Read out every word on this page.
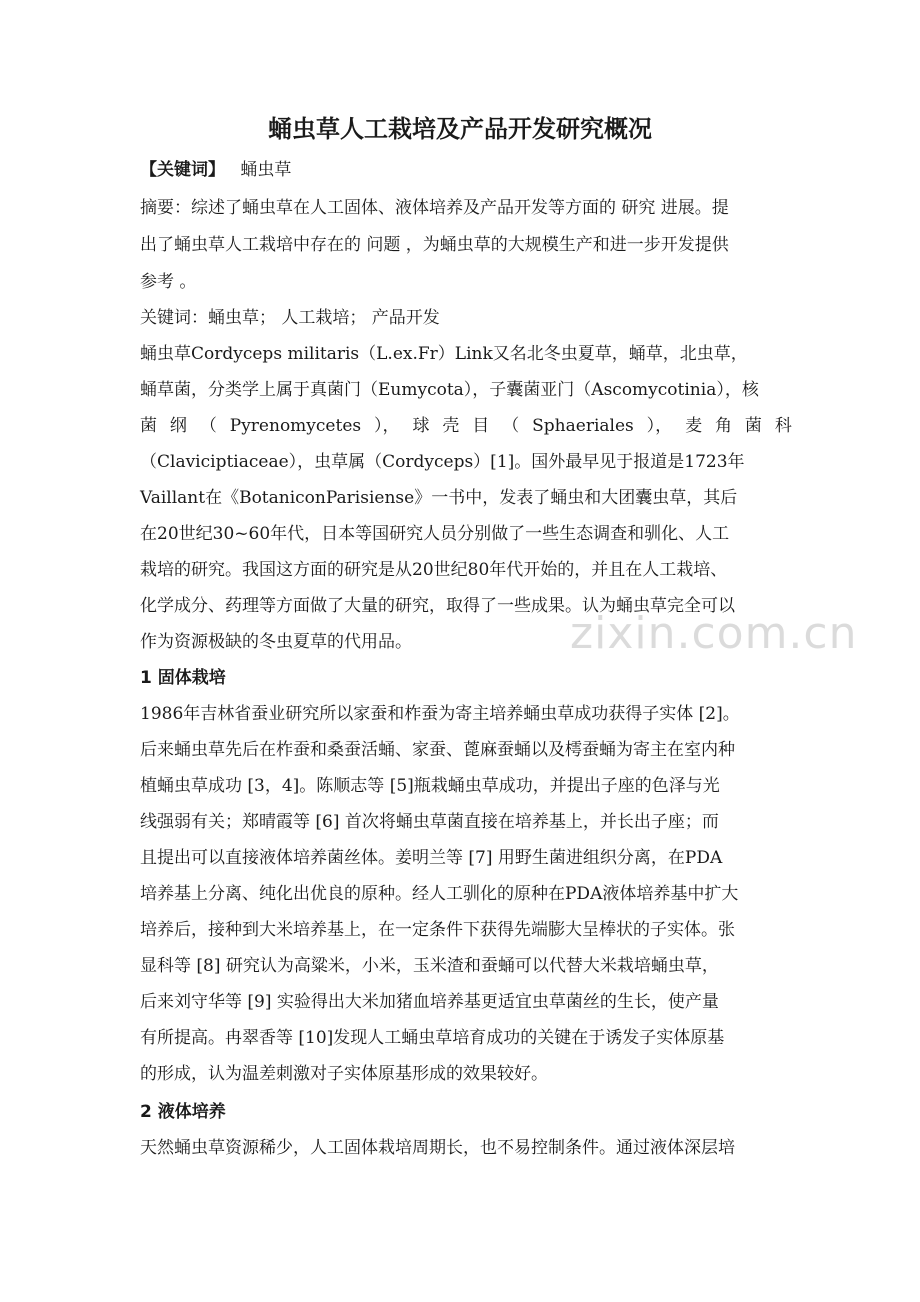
蛹虫草人工栽培及产品开发研究概况
【关键词】 蛹虫草
摘要：综述了蛹虫草在人工固体、液体培养及产品开发等方面的 研究 进展。提
出了蛹虫草人工栽培中存在的 问题 ，为蛹虫草的大规模生产和进一步开发提供
参考 。
关键词：蛹虫草； 人工栽培； 产品开发
蛹虫草Cordyceps militaris（L.ex.Fr）Link又名北冬虫夏草，蛹草，北虫草，
蛹草菌，分类学上属于真菌门（Eumycota），子囊菌亚门（Ascomycotinia），核
菌 纲 （ Pyrenomycetes ）， 球 壳 目 （ Sphaeriales ）， 麦 角 菌 科
（Claviciptiaceae），虫草属（Cordyceps）[1]。国外最早见于报道是1723年
Vaillant在《BotaniconParisiense》一书中，发表了蛹虫和大团囊虫草，其后
在20世纪30~60年代，日本等国研究人员分别做了一些生态调查和驯化、人工
栽培的研究。我国这方面的研究是从20世纪80年代开始的，并且在人工栽培、
化学成分、药理等方面做了大量的研究，取得了一些成果。认为蛹虫草完全可以
作为资源极缺的冬虫夏草的代用品。
1 固体栽培
1986年吉林省蚕业研究所以家蚕和柞蚕为寄主培养蛹虫草成功获得子实体 [2]。
后来蛹虫草先后在柞蚕和桑蚕活蛹、家蚕、蓖麻蚕蛹以及樗蚕蛹为寄主在室内种
植蛹虫草成功 [3，4]。陈顺志等 [5]瓶栽蛹虫草成功，并提出子座的色泽与光
线强弱有关；郑晴霞等 [6] 首次将蛹虫草菌直接在培养基上，并长出子座；而
且提出可以直接液体培养菌丝体。姜明兰等 [7] 用野生菌进组织分离，在PDA
培养基上分离、纯化出优良的原种。经人工驯化的原种在PDA液体培养基中扩大
培养后，接种到大米培养基上，在一定条件下获得先端膨大呈棒状的子实体。张
显科等 [8] 研究认为高粱米，小米，玉米渣和蚕蛹可以代替大米栽培蛹虫草，
后来刘守华等 [9] 实验得出大米加猪血培养基更适宜虫草菌丝的生长，使产量
有所提高。冉翠香等 [10]发现人工蛹虫草培育成功的关键在于诱发子实体原基
的形成，认为温差刺激对子实体原基形成的效果较好。
2 液体培养
天然蛹虫草资源稀少，人工固体栽培周期长，也不易控制条件。通过液体深层培
zixin.com.cn
